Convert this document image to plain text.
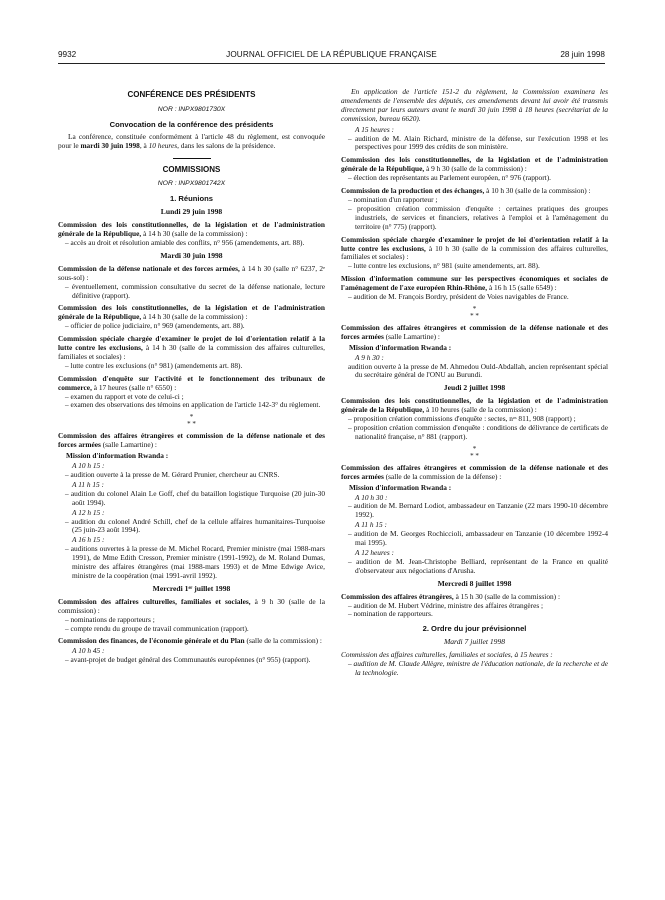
9932	JOURNAL OFFICIEL DE LA RÉPUBLIQUE FRANÇAISE	28 juin 1998
CONFÉRENCE DES PRÉSIDENTS
NOR : INPX9801730X
Convocation de la conférence des présidents

La conférence, constituée conformément à l'article 48 du règlement, est convoquée pour le mardi 30 juin 1998, à 10 heures, dans les salons de la présidence.

COMMISSIONS
NOR : INPX9801742X
1. Réunions
Lundi 29 juin 1998

Commission des lois constitutionnelles, de la législation et de l'administration générale de la République, à 14 h 30 (salle de la commission) :

– accès au droit et résolution amiable des conflits, n° 956 (amendements, art. 88).

Mardi 30 juin 1998

Commission de la défense nationale et des forces armées, à 14 h 30 (salle n° 6237, 2ᵉ sous-sol) :

– éventuellement, commission consultative du secret de la défense nationale, lecture définitive (rapport).

Commission des lois constitutionnelles, de la législation et de l'administration générale de la République, à 14 h 30 (salle de la commission) :

– officier de police judiciaire, n° 969 (amendements, art. 88).

Commission spéciale chargée d'examiner le projet de loi d'orientation relatif à la lutte contre les exclusions, à 14 h 30 (salle de la commission des affaires culturelles, familiales et sociales) :

– lutte contre les exclusions (n° 981) (amendements art. 88).

Commission d'enquête sur l'activité et le fonctionnement des tribunaux de commerce, à 17 heures (salle n° 6550) :

– examen du rapport et vote de celui-ci ;

– examen des observations des témoins en application de l'article 142-3° du règlement.

*
* *

Commission des affaires étrangères et commission de la défense nationale et des forces armées (salle Lamartine) :

Mission d'information Rwanda :

A 10 h 15 :

– audition ouverte à la presse de M. Gérard Prunier, chercheur au CNRS.

A 11 h 15 :

– audition du colonel Alain Le Goff, chef du bataillon logistique Turquoise (20 juin-30 août 1994).

A 12 h 15 :

– audition du colonel André Schill, chef de la cellule affaires humanitaires-Turquoise (25 juin-23 août 1994).

A 16 h 15 :

– auditions ouvertes à la presse de M. Michel Rocard, Premier ministre (mai 1988-mars 1991), de Mme Edith Cresson, Premier ministre (1991-1992), de M. Roland Dumas, ministre des affaires étrangères (mai 1988-mars 1993) et de Mme Edwige Avice, ministre de la coopération (mai 1991-avril 1992).

Mercredi 1ᵉʳ juillet 1998

Commission des affaires culturelles, familiales et sociales, à 9 h 30 (salle de la commission) :

– nominations de rapporteurs ;

– compte rendu du groupe de travail communication (rapport).

Commission des finances, de l'économie générale et du Plan (salle de la commission) :

A 10 h 45 :

– avant-projet de budget général des Communautés européennes (n° 955) (rapport).

En application de l'article 151-2 du règlement, la Commission examinera les amendements de l'ensemble des députés, ces amendements devant lui avoir été transmis directement par leurs auteurs avant le mardi 30 juin 1998 à 18 heures (secrétariat de la commission, bureau 6620).

A 15 heures :

– audition de M. Alain Richard, ministre de la défense, sur l'exécution 1998 et les perspectives pour 1999 des crédits de son ministère.

Commission des lois constitutionnelles, de la législation et de l'administration générale de la République, à 9 h 30 (salle de la commission) :

– élection des représentants au Parlement européen, n° 976 (rapport).

Commission de la production et des échanges, à 10 h 30 (salle de la commission) :

– nomination d'un rapporteur ;

– proposition création commission d'enquête : certaines pratiques des groupes industriels, de services et financiers, relatives à l'emploi et à l'aménagement du territoire (n° 775) (rapport).

Commission spéciale chargée d'examiner le projet de loi d'orientation relatif à la lutte contre les exclusions, à 10 h 30 (salle de la commission des affaires culturelles, familiales et sociales) :

– lutte contre les exclusions, n° 981 (suite amendements, art. 88).

Mission d'information commune sur les perspectives économiques et sociales de l'aménagement de l'axe européen Rhin-Rhône, à 16 h 15 (salle 6549) :

– audition de M. François Bordry, président de Voies navigables de France.

*
* *

Commission des affaires étrangères et commission de la défense nationale et des forces armées (salle Lamartine) :

Mission d'information Rwanda :

A 9 h 30 :

audition ouverte à la presse de M. Ahmedou Ould-Abdallah, ancien représentant spécial du secrétaire général de l'ONU au Burundi.

Jeudi 2 juillet 1998

Commission des lois constitutionnelles, de la législation et de l'administration générale de la République, à 10 heures (salle de la commission) :

– proposition création commissions d'enquête : sectes, nᵒˢ 811, 908 (rapport) ;

– proposition création commission d'enquête : conditions de délivrance de certificats de nationalité française, n° 881 (rapport).

*
* *

Commission des affaires étrangères et commission de la défense nationale et des forces armées (salle de la commission de la défense) :

Mission d'information Rwanda :

A 10 h 30 :

– audition de M. Bernard Lodiot, ambassadeur en Tanzanie (22 mars 1990-10 décembre 1992).

A 11 h 15 :

– audition de M. Georges Rochiccioli, ambassadeur en Tanzanie (10 décembre 1992-4 mai 1995).

A 12 heures :

– audition de M. Jean-Christophe Belliard, représentant de la France en qualité d'observateur aux négociations d'Arusha.

Mercredi 8 juillet 1998

Commission des affaires étrangères, à 15 h 30 (salle de la commission) :

– audition de M. Hubert Védrine, ministre des affaires étrangères ;

– nomination de rapporteurs.

2. Ordre du jour prévisionnel
Mardi 7 juillet 1998

Commission des affaires culturelles, familiales et sociales, à 15 heures :

– audition de M. Claude Allègre, ministre de l'éducation nationale, de la recherche et de la technologie.
